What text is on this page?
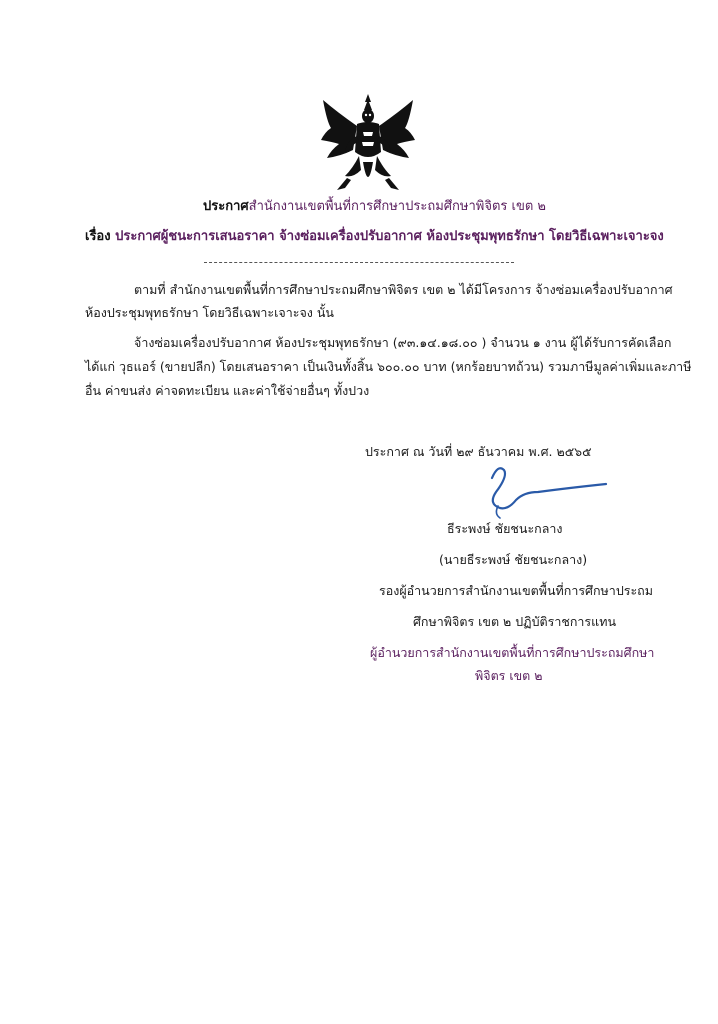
ประกาศสำนักงานเขตพื้นที่การศึกษาประถมศึกษาพิจิตร เขต ๒
เรื่อง ประกาศผู้ชนะการเสนอราคา จ้างซ่อมเครื่องปรับอากาศ ห้องประชุมพุทธรักษา โดยวิธีเฉพาะเจาะจง
ตามที่ สำนักงานเขตพื้นที่การศึกษาประถมศึกษาพิจิตร เขต ๒ ได้มีโครงการ จ้างซ่อมเครื่องปรับอากาศ
ห้องประชุมพุทธรักษา โดยวิธีเฉพาะเจาะจง นั้น
จ้างซ่อมเครื่องปรับอากาศ ห้องประชุมพุทธรักษา (๙๓.๑๔.๑๘.๐๐ ) จำนวน ๑ งาน ผู้ได้รับการคัดเลือก
ได้แก่ วุธแอร์ (ขายปลีก) โดยเสนอราคา เป็นเงินทั้งสิ้น ๖๐๐.๐๐ บาท (หกร้อยบาทถ้วน) รวมภาษีมูลค่าเพิ่มและภาษี
อื่น ค่าขนส่ง ค่าจดทะเบียน และค่าใช้จ่ายอื่นๆ ทั้งปวง
ประกาศ ณ วันที่ ๒๙ ธันวาคม พ.ศ. ๒๕๖๕
ธีระพงษ์ ชัยชนะกลาง
(นายธีระพงษ์ ชัยชนะกลาง)
รองผู้อำนวยการสำนักงานเขตพื้นที่การศึกษาประถม
ศึกษาพิจิตร เขต ๒ ปฏิบัติราชการแทน
ผู้อำนวยการสำนักงานเขตพื้นที่การศึกษาประถมศึกษา
พิจิตร เขต ๒
